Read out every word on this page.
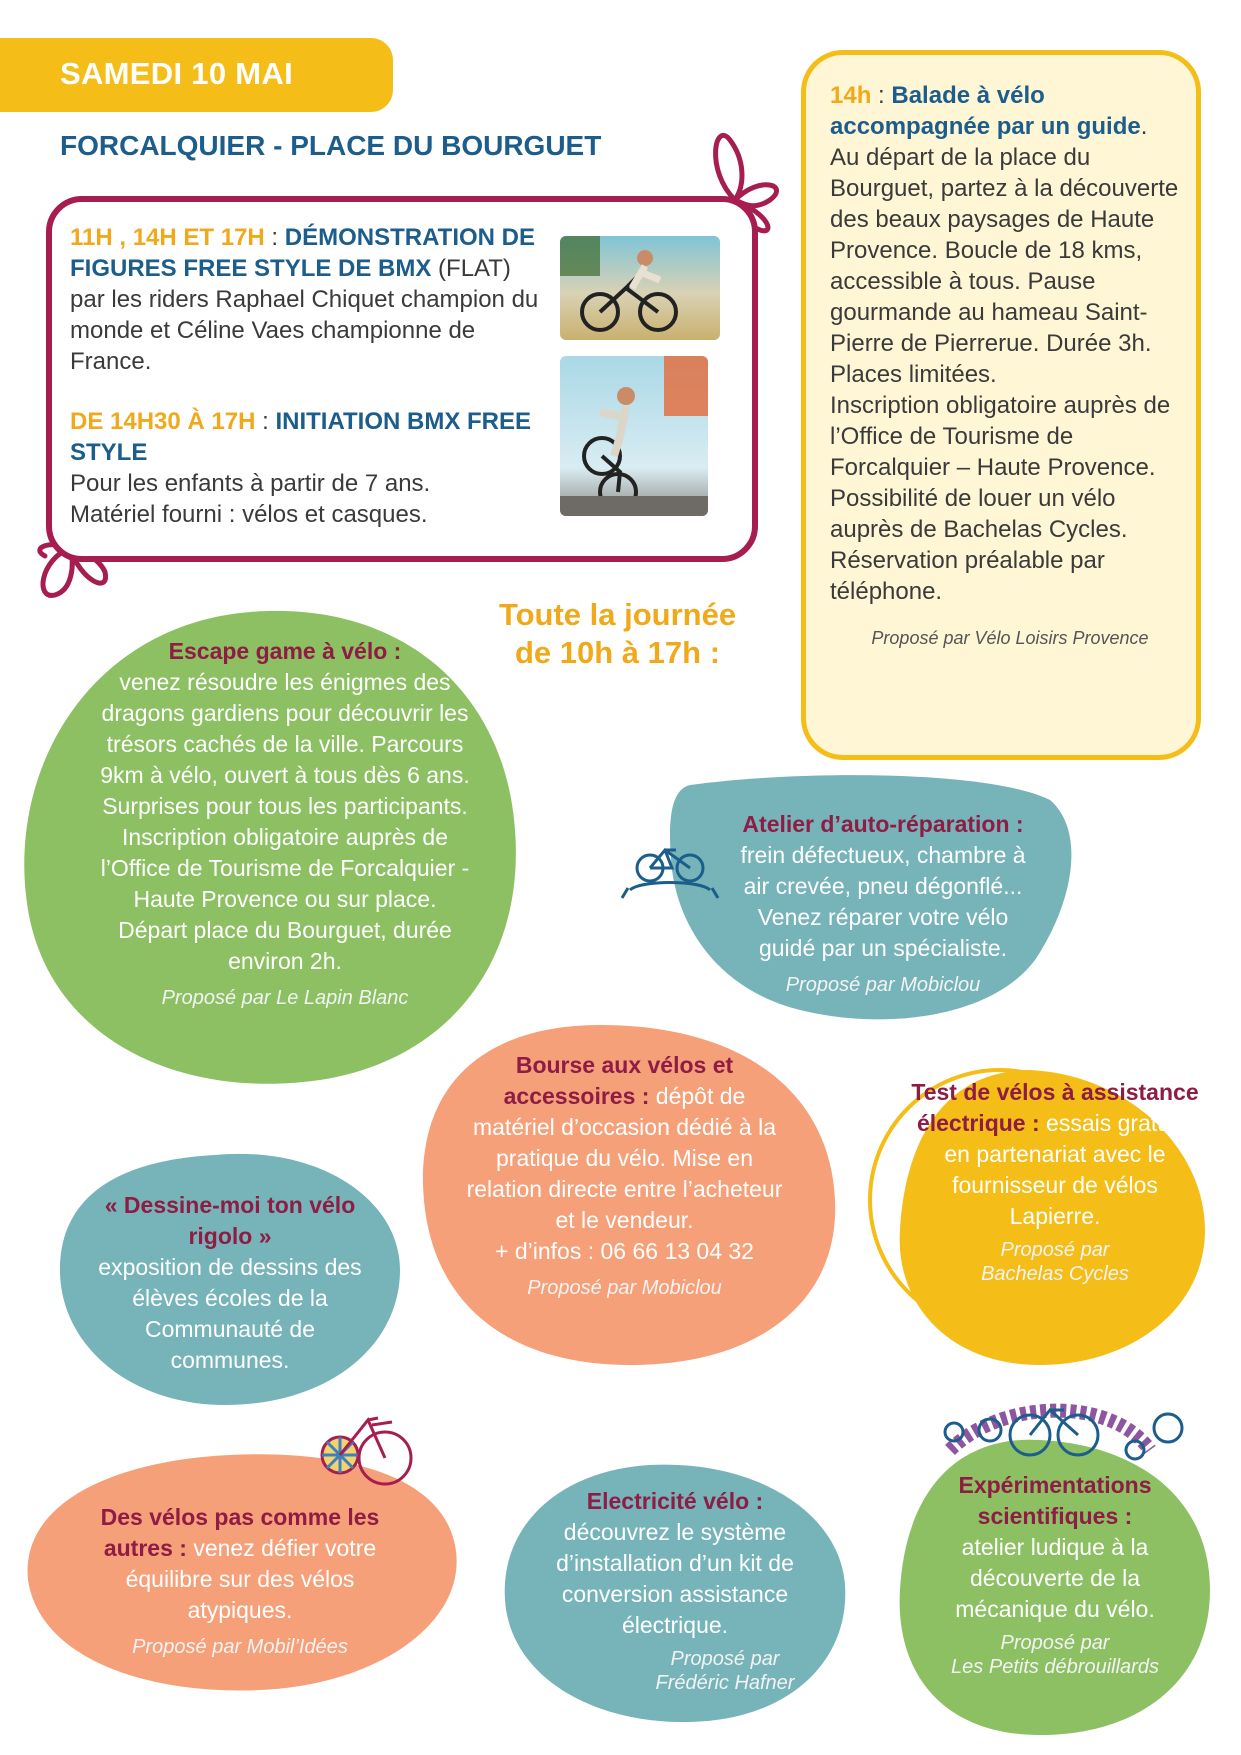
SAMEDI 10 MAI
FORCALQUIER - PLACE DU BOURGUET
11H , 14H ET 17H : DÉMONSTRATION DE FIGURES FREE STYLE DE BMX (FLAT) par les riders Raphael Chiquet champion du monde et Céline Vaes championne de France.
DE 14H30 À 17H : INITIATION BMX FREE STYLE
Pour les enfants à partir de 7 ans.
Matériel fourni : vélos et casques.
14h : Balade à vélo accompagnée par un guide.
Au départ de la place du Bourguet, partez à la découverte des beaux paysages de Haute Provence. Boucle de 18 kms, accessible à tous. Pause gourmande au hameau Saint-Pierre de Pierrerue. Durée 3h.
Places limitées.
Inscription obligatoire auprès de l’Office de Tourisme de Forcalquier – Haute Provence.
Possibilité de louer un vélo auprès de Bachelas Cycles.
Réservation préalable par téléphone.
Proposé par Vélo Loisirs Provence
Toute la journée
de 10h à 17h :
Escape game à vélo :
venez résoudre les énigmes des dragons gardiens pour découvrir les trésors cachés de la ville. Parcours 9km à vélo, ouvert à tous dès 6 ans. Surprises pour tous les participants. Inscription obligatoire auprès de l’Office de Tourisme de Forcalquier - Haute Provence ou sur place.
Départ place du Bourguet, durée environ 2h.
Proposé par Le Lapin Blanc
Atelier d’auto-réparation :
frein défectueux, chambre à air crevée, pneu dégonflé... Venez réparer votre vélo guidé par un spécialiste.
Proposé par Mobiclou
Bourse aux vélos et accessoires : dépôt de matériel d’occasion dédié à la pratique du vélo. Mise en relation directe entre l’acheteur et le vendeur.
+ d’infos : 06 66 13 04 32
Proposé par Mobiclou
Test de vélos à assistance électrique : essais gratuits en partenariat avec le fournisseur de vélos Lapierre.
Proposé par
Bachelas Cycles
« Dessine-moi ton vélo rigolo »
exposition de dessins des élèves écoles de la Communauté de communes.
Des vélos pas comme les autres : venez défier votre équilibre sur des vélos atypiques.
Proposé par Mobil’Idées
Electricité vélo :
découvrez le système d’installation d’un kit de conversion assistance électrique.
Proposé par
Frédéric Hafner
Expérimentations scientifiques :
atelier ludique à la découverte de la mécanique du vélo.
Proposé par
Les Petits débrouillards
